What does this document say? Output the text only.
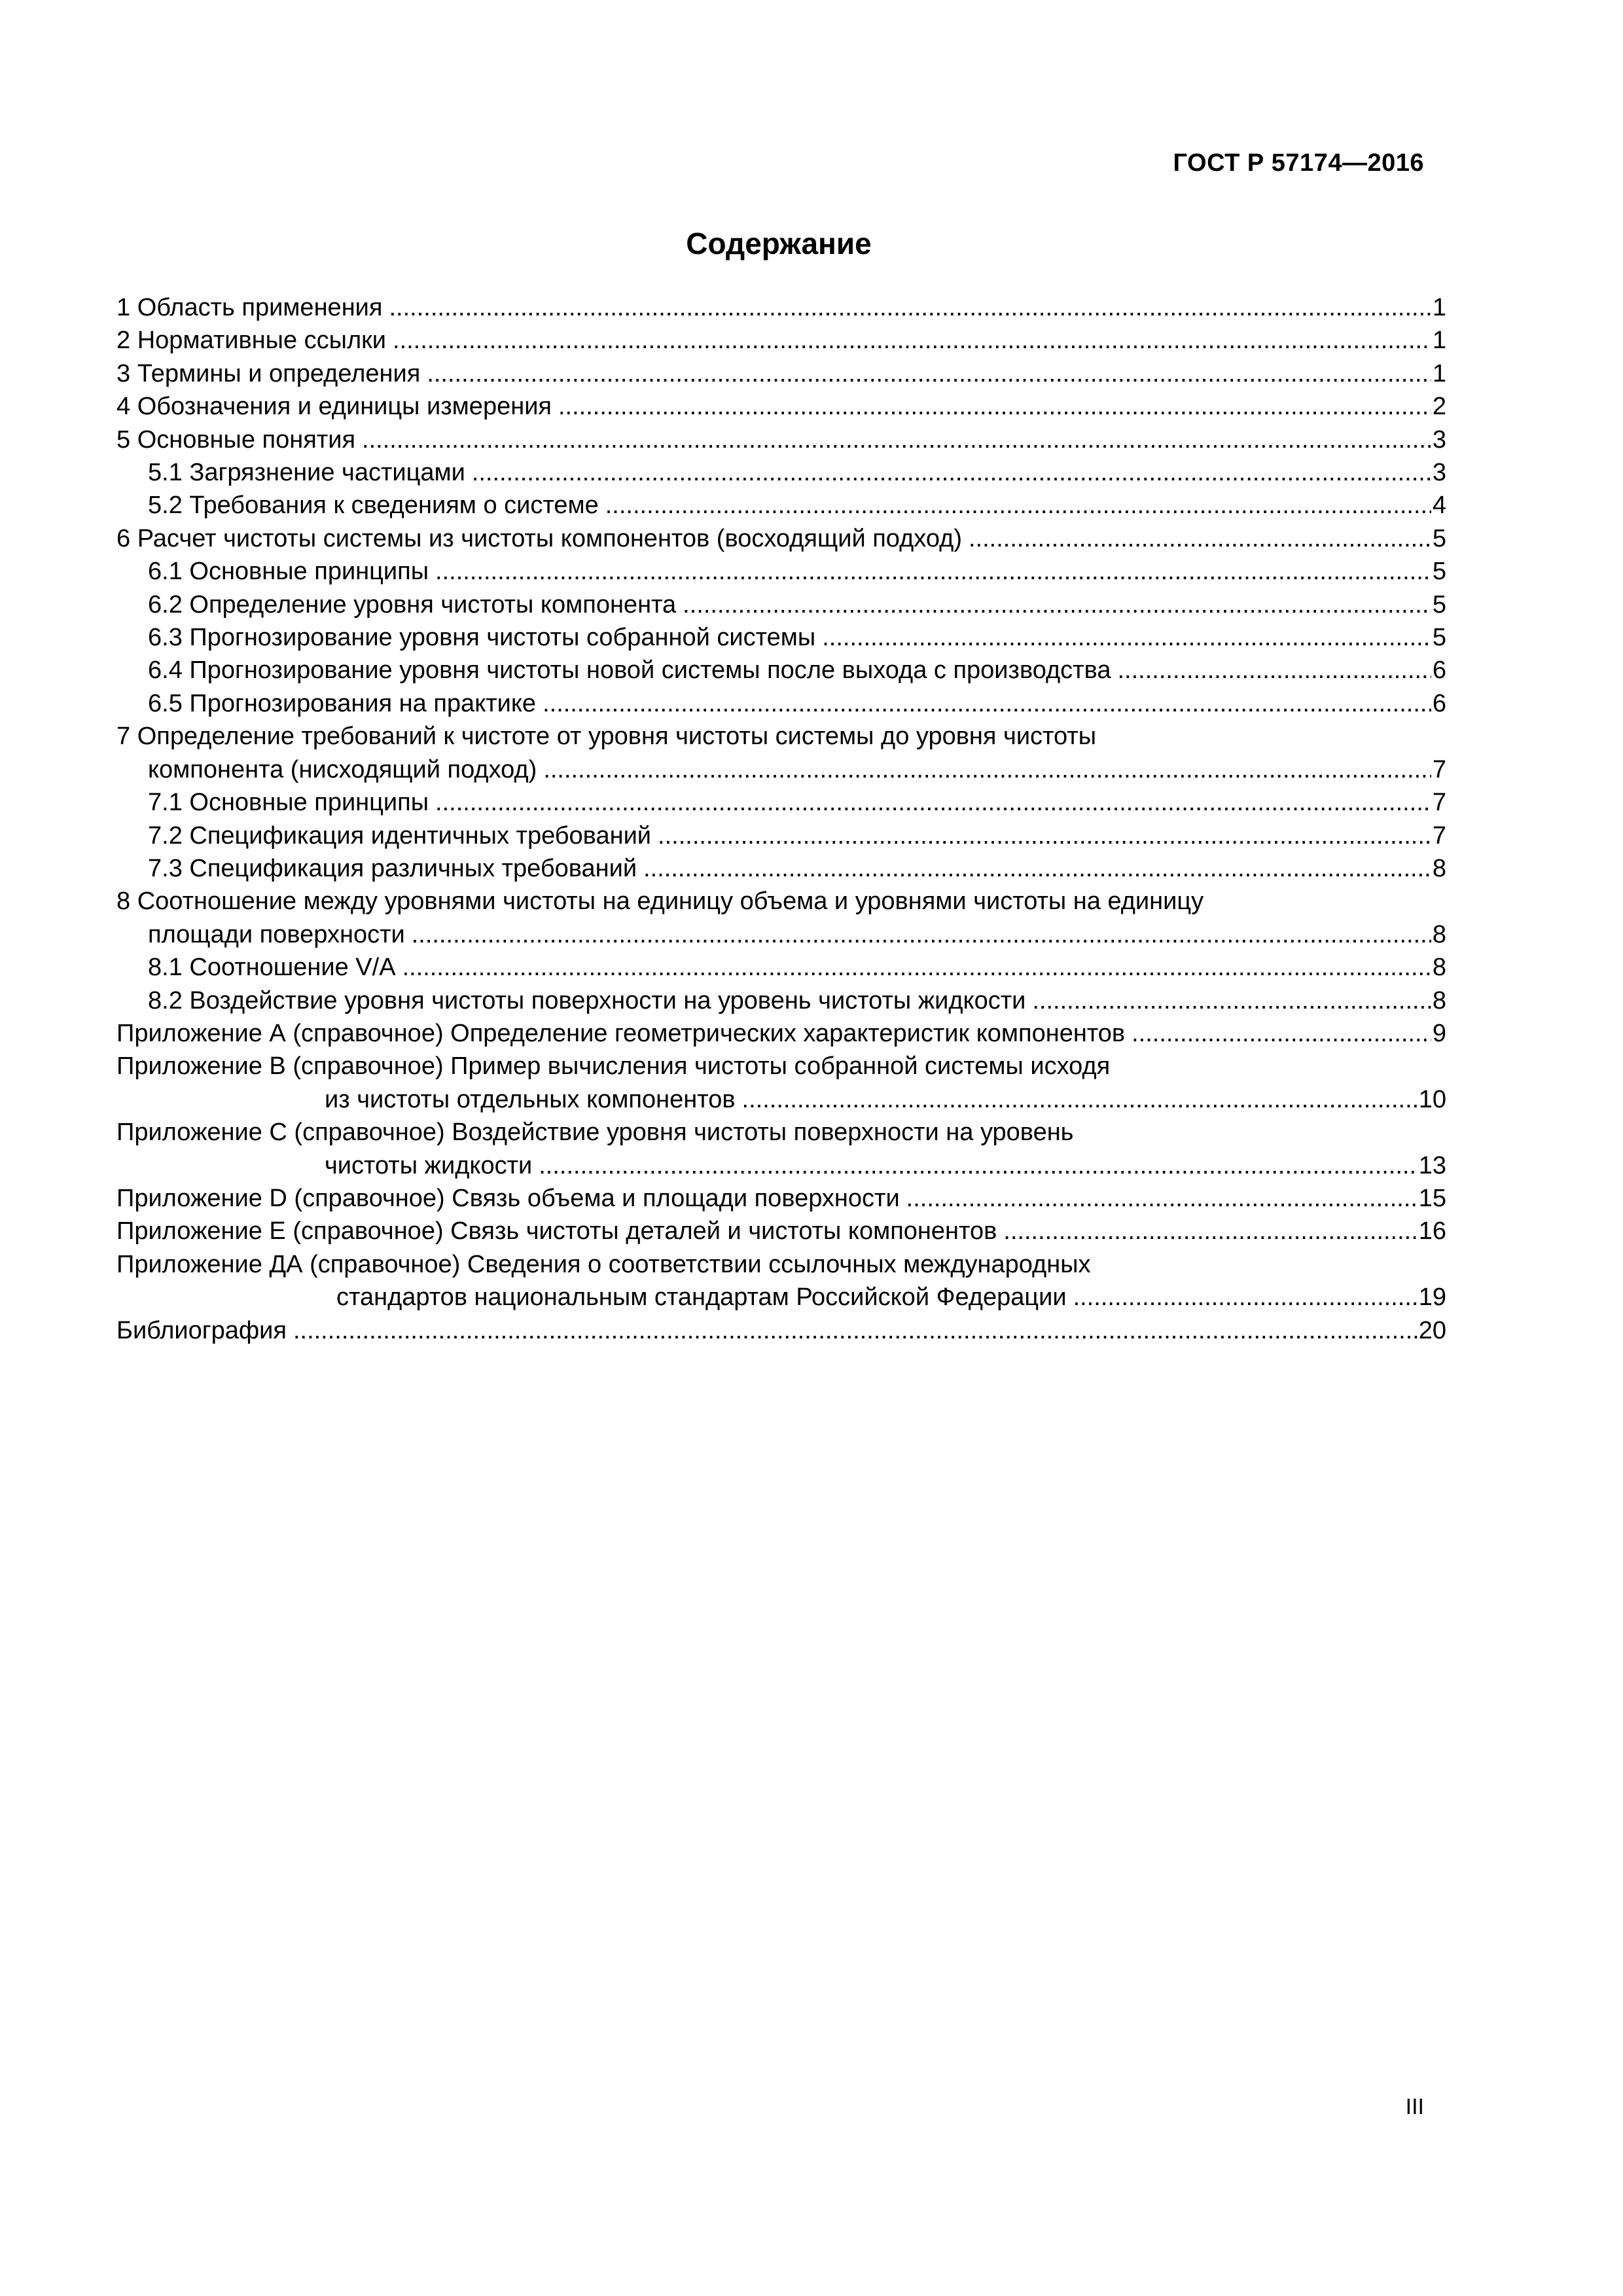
ГОСТ Р 57174—2016
Содержание
1 Область применения .....	1
2 Нормативные ссылки .....	1
3 Термины и определения .....	1
4 Обозначения и единицы измерения .....	2
5 Основные понятия .....	3
5.1 Загрязнение частицами .....	3
5.2 Требования к сведениям о системе .....	4
6 Расчет чистоты системы из чистоты компонентов (восходящий подход) .....	5
6.1 Основные принципы .....	5
6.2 Определение уровня чистоты компонента .....	5
6.3 Прогнозирование уровня чистоты собранной системы .....	5
6.4 Прогнозирование уровня чистоты новой системы после выхода с производства .....	6
6.5 Прогнозирования на практике .....	6
7 Определение требований к чистоте от уровня чистоты системы до уровня чистоты
компонента (нисходящий подход) .....	7
7.1 Основные принципы .....	7
7.2 Спецификация идентичных требований .....	7
7.3 Спецификация различных требований .....	8
8 Соотношение между уровнями чистоты на единицу объема и уровнями чистоты на единицу
площади поверхности .....	8
8.1 Соотношение V/A .....	8
8.2 Воздействие уровня чистоты поверхности на уровень чистоты жидкости .....	8
Приложение А (справочное) Определение геометрических характеристик компонентов .....	9
Приложение В (справочное) Пример вычисления чистоты собранной системы исходя
из чистоты отдельных компонентов .....	10
Приложение С (справочное) Воздействие уровня чистоты поверхности на уровень
чистоты жидкости .....	13
Приложение D (справочное) Связь объема и площади поверхности .....	15
Приложение Е (справочное) Связь чистоты деталей и чистоты компонентов .....	16
Приложение ДА (справочное) Сведения о соответствии ссылочных международных
стандартов национальным стандартам Российской Федерации .....	19
Библиография .....	20
III
